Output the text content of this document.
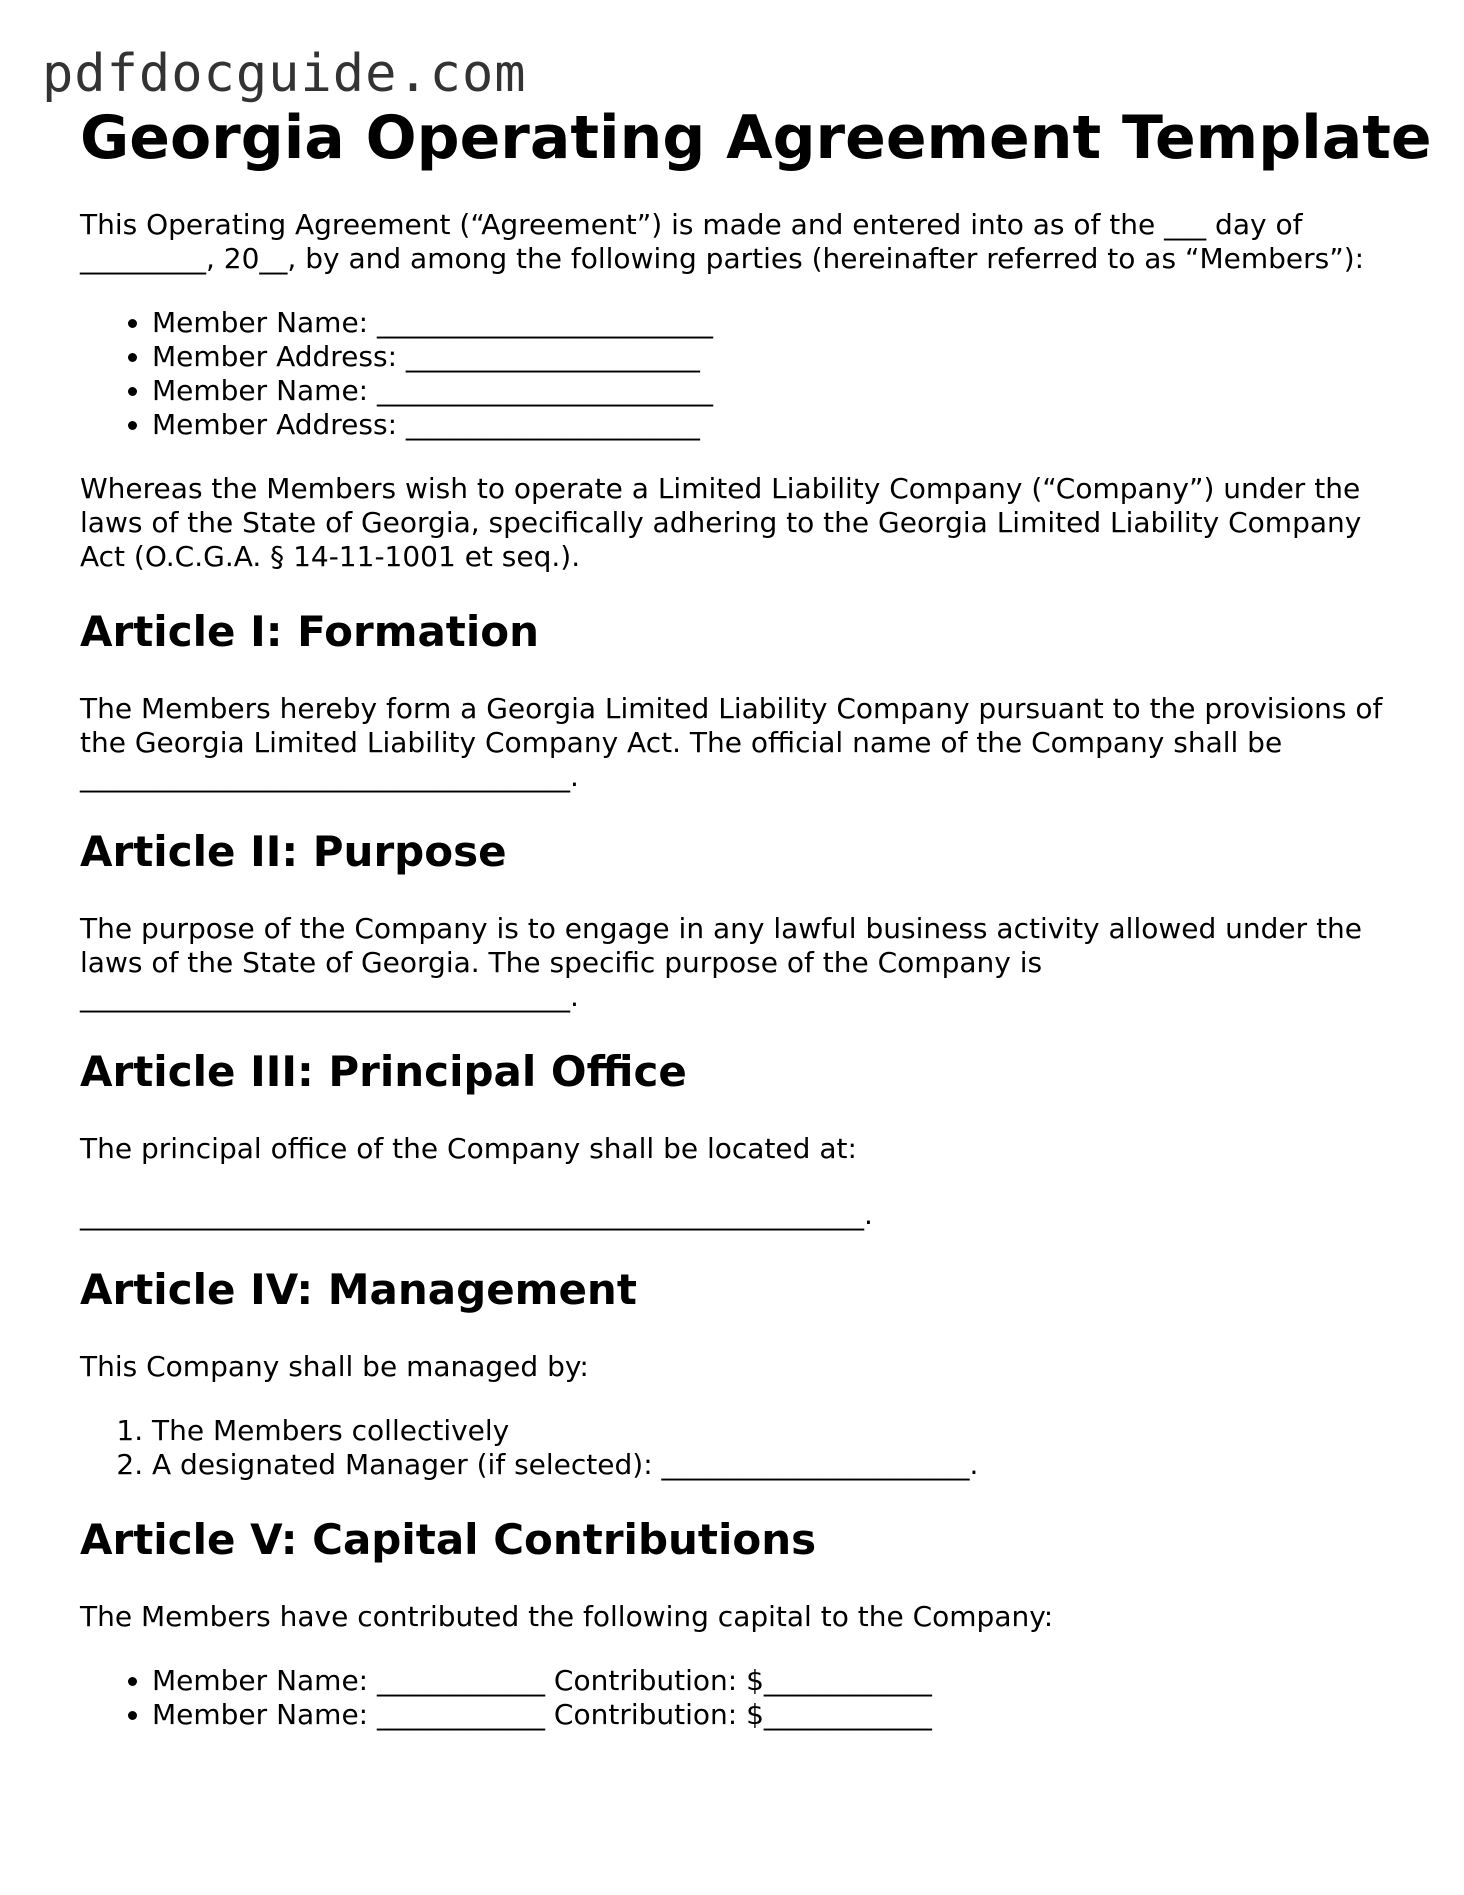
pdfdocguide.com
Georgia Operating Agreement Template

This Operating Agreement (“Agreement”) is made and entered into as of the ___ day of _________, 20__, by and among the following parties (hereinafter referred to as “Members”):

• Member Name: ________________________
• Member Address: _____________________
• Member Name: ________________________
• Member Address: _____________________

Whereas the Members wish to operate a Limited Liability Company (“Company”) under the laws of the State of Georgia, specifically adhering to the Georgia Limited Liability Company Act (O.C.G.A. § 14-11-1001 et seq.).

Article I: Formation

The Members hereby form a Georgia Limited Liability Company pursuant to the provisions of the Georgia Limited Liability Company Act. The official name of the Company shall be ___________________________________.

Article II: Purpose

The purpose of the Company is to engage in any lawful business activity allowed under the laws of the State of Georgia. The specific purpose of the Company is ___________________________________.

Article III: Principal Office

The principal office of the Company shall be located at:

________________________________________________________.

Article IV: Management

This Company shall be managed by:

1. The Members collectively
2. A designated Manager (if selected): ______________________.
Article V: Capital Contributions

The Members have contributed the following capital to the Company:

• Member Name: ____________ Contribution: $____________
• Member Name: ____________ Contribution: $____________
